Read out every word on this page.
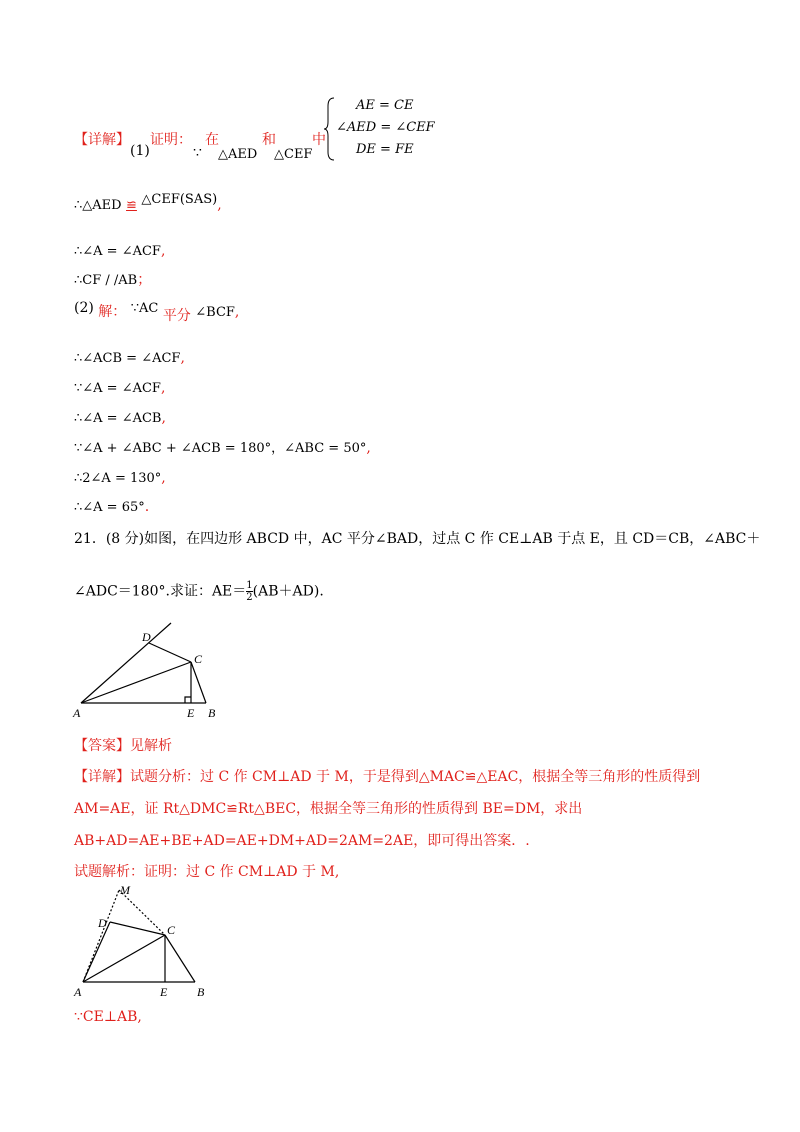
【详解】
(1)
证明： 在
∵ △AED
和
△CEF
中
AE = CE
∠AED = ∠CEF
DE = FE
∴△AED ≌ △CEF(SAS),
∴∠A = ∠ACF,
∴CF / /AB；
(2) 解： ∵AC 平分 ∠BCF,
∴∠ACB = ∠ACF,
∵∠A = ∠ACF,
∴∠A = ∠ACB,
∵∠A + ∠ABC + ∠ACB = 180°，∠ABC = 50°,
∴2∠A = 130°,
∴∠A = 65°.
21．(8 分)如图，在四边形 ABCD 中，AC 平分∠BAD，过点 C 作 CE⊥AB 于点 E，且 CD＝CB，∠ABC＋
∠ADC＝180°.求证：$AE= \frac{1}{2} (AB+AD)$.
A	B
C
D
E
【答案】见解析
【详解】试题分析：过 C 作 CM⊥AD 于 M，于是得到△MAC≌△EAC，根据全等三角形的性质得到
AM=AE，证 Rt△DMC≌Rt△BEC，根据全等三角形的性质得到 BE=DM，求出
AB+AD=AE+BE+AD=AE+DM+AD=2AM=2AE，即可得出答案．.
试题解析：证明：过 C 作 CM⊥AD 于 M,
A	B
C
D
E
M
∵CE⊥AB,
